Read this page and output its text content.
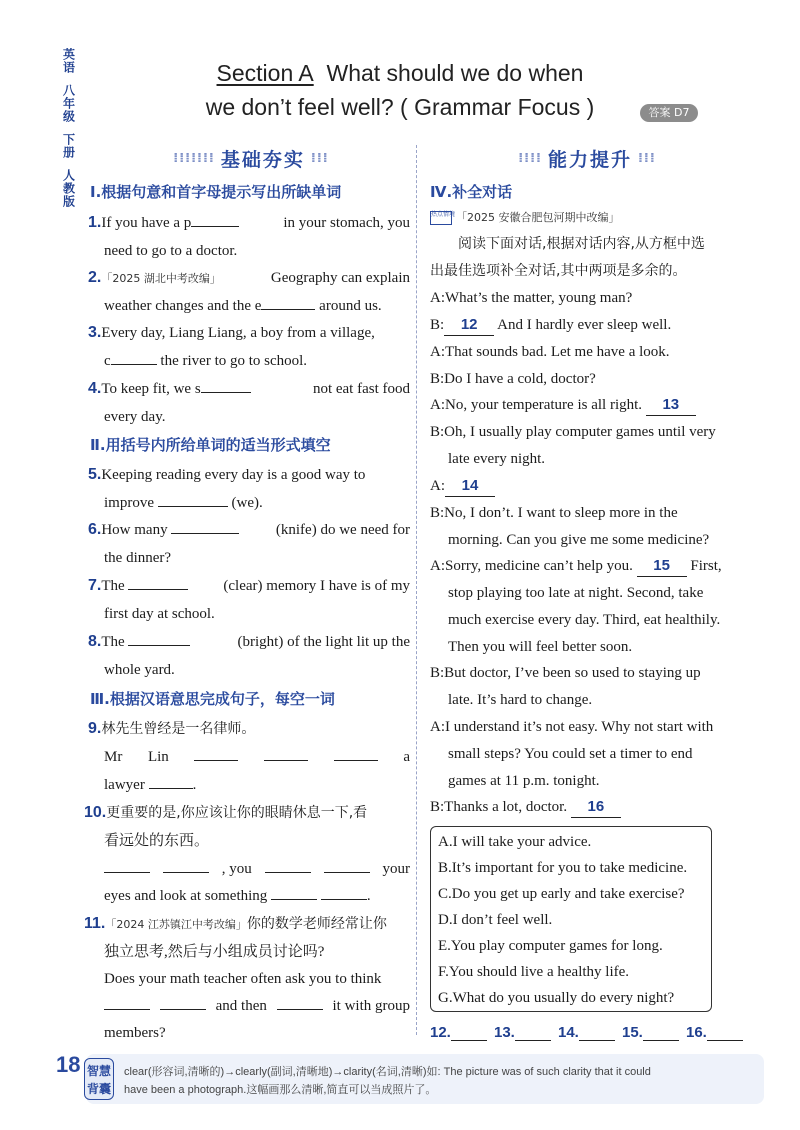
英语
八年级
下册
人教版
Section A What should we do when
we don’t feel well? ( Grammar Focus )	答案 D7
⁞⁞⁞⁞⁞⁞⁞ 基础夯实 ⁞⁞⁞	⁞⁞⁞⁞ 能力提升 ⁞⁞⁞
Ⅰ.根据句意和首字母提示写出所缺单词
1.If you have a p	in your stomach, you
need to go to a doctor.
2.「2025 湖北中考改编」	Geography can explain
weather changes and the e	around us.
3.Every day, Liang Liang, a boy from a village,
c	the river to go to school.
4.To keep fit, we s	not eat fast food
every day.
Ⅱ.用括号内所给单词的适当形式填空
5.Keeping reading every day is a good way to
improve	(we).
6.How many	(knife) do we need for
the dinner?
7.The	(clear) memory I have is of my
first day at school.
8.The	(bright) of the light lit up the
whole yard.
Ⅲ.根据汉语意思完成句子，每空一词
9.林先生曾经是一名律师。
Mr Lin	a
lawyer	.
10.更重要的是,你应该让你的眼睛休息一下,看
看远处的东西。
, you	your
eyes and look at something	.
11.「2024 江苏镇江中考改编」你的数学老师经常让你
独立思考,然后与小组成员讨论吗?
Does your math teacher often ask you to think
and then	it with group
members?
Ⅳ.补全对话
热点情境「2025 安徽合肥包河期中改编」
阅读下面对话,根据对话内容,从方框中选
出最佳选项补全对话,其中两项是多余的。
A:What’s the matter, young man?
B: 12 And I hardly ever sleep well.
A:That sounds bad. Let me have a look.
B:Do I have a cold, doctor?
A:No, your temperature is all right. 13
B:Oh, I usually play computer games until very
late every night.
A: 14
B:No, I don’t. I want to sleep more in the
morning. Can you give me some medicine?
A:Sorry, medicine can’t help you. 15 First,
stop playing too late at night. Second, take
much exercise every day. Third, eat healthily.
Then you will feel better soon.
B:But doctor, I’ve been so used to staying up
late. It’s hard to change.
A:I understand it’s not easy. Why not start with
small steps? You could set a timer to end
games at 11 p.m. tonight.
B:Thanks a lot, doctor. 16
A.I will take your advice.
B.It’s important for you to take medicine.
C.Do you get up early and take exercise?
D.I don’t feel well.
E.You play computer games for long.
F.You should live a healthy life.
G.What do you usually do every night?
12.	13.	14.	15.	16.
18 智慧背囊
clear(形容词,清晰的)→clearly(副词,清晰地)→clarity(名词,清晰)如: The picture was of such clarity that it could
have been a photograph.这幅画那么清晰,简直可以当成照片了。
